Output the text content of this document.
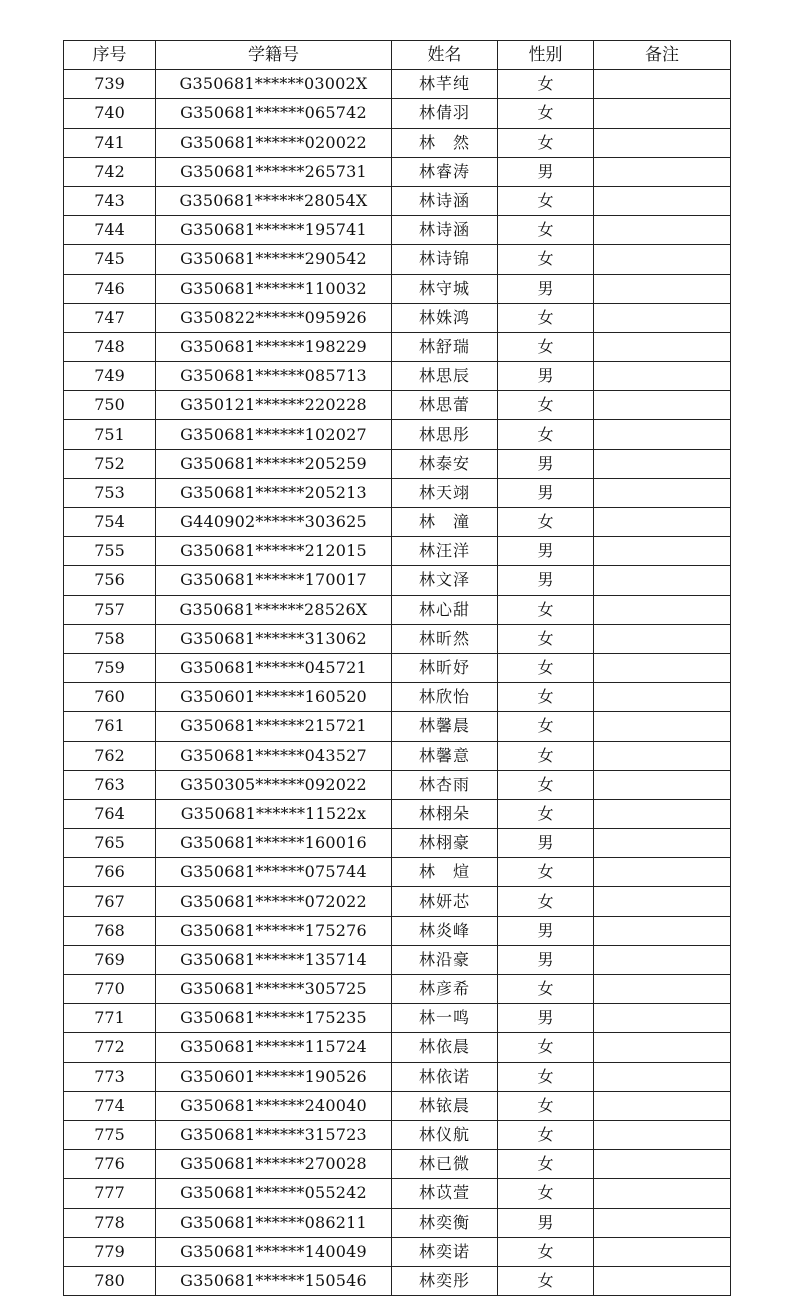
序号	学籍号	姓名	性别	备注
739	G350681******03002X	林芊纯	女	
740	G350681******065742	林倩羽	女	
741	G350681******020022	林　然	女	
742	G350681******265731	林睿涛	男	
743	G350681******28054X	林诗涵	女	
744	G350681******195741	林诗涵	女	
745	G350681******290542	林诗锦	女	
746	G350681******110032	林守城	男	
747	G350822******095926	林姝鸿	女	
748	G350681******198229	林舒瑞	女	
749	G350681******085713	林思辰	男	
750	G350121******220228	林思蕾	女	
751	G350681******102027	林思彤	女	
752	G350681******205259	林泰安	男	
753	G350681******205213	林天翊	男	
754	G440902******303625	林　潼	女	
755	G350681******212015	林汪洋	男	
756	G350681******170017	林文泽	男	
757	G350681******28526X	林心甜	女	
758	G350681******313062	林昕然	女	
759	G350681******045721	林昕妤	女	
760	G350601******160520	林欣怡	女	
761	G350681******215721	林馨晨	女	
762	G350681******043527	林馨意	女	
763	G350305******092022	林杏雨	女	
764	G350681******11522x	林栩朵	女	
765	G350681******160016	林栩豪	男	
766	G350681******075744	林　煊	女	
767	G350681******072022	林妍芯	女	
768	G350681******175276	林炎峰	男	
769	G350681******135714	林沿豪	男	
770	G350681******305725	林彦希	女	
771	G350681******175235	林一鸣	男	
772	G350681******115724	林依晨	女	
773	G350601******190526	林依诺	女	
774	G350681******240040	林铱晨	女	
775	G350681******315723	林仪航	女	
776	G350681******270028	林已微	女	
777	G350681******055242	林苡萱	女	
778	G350681******086211	林奕衡	男	
779	G350681******140049	林奕诺	女	
780	G350681******150546	林奕彤	女	
